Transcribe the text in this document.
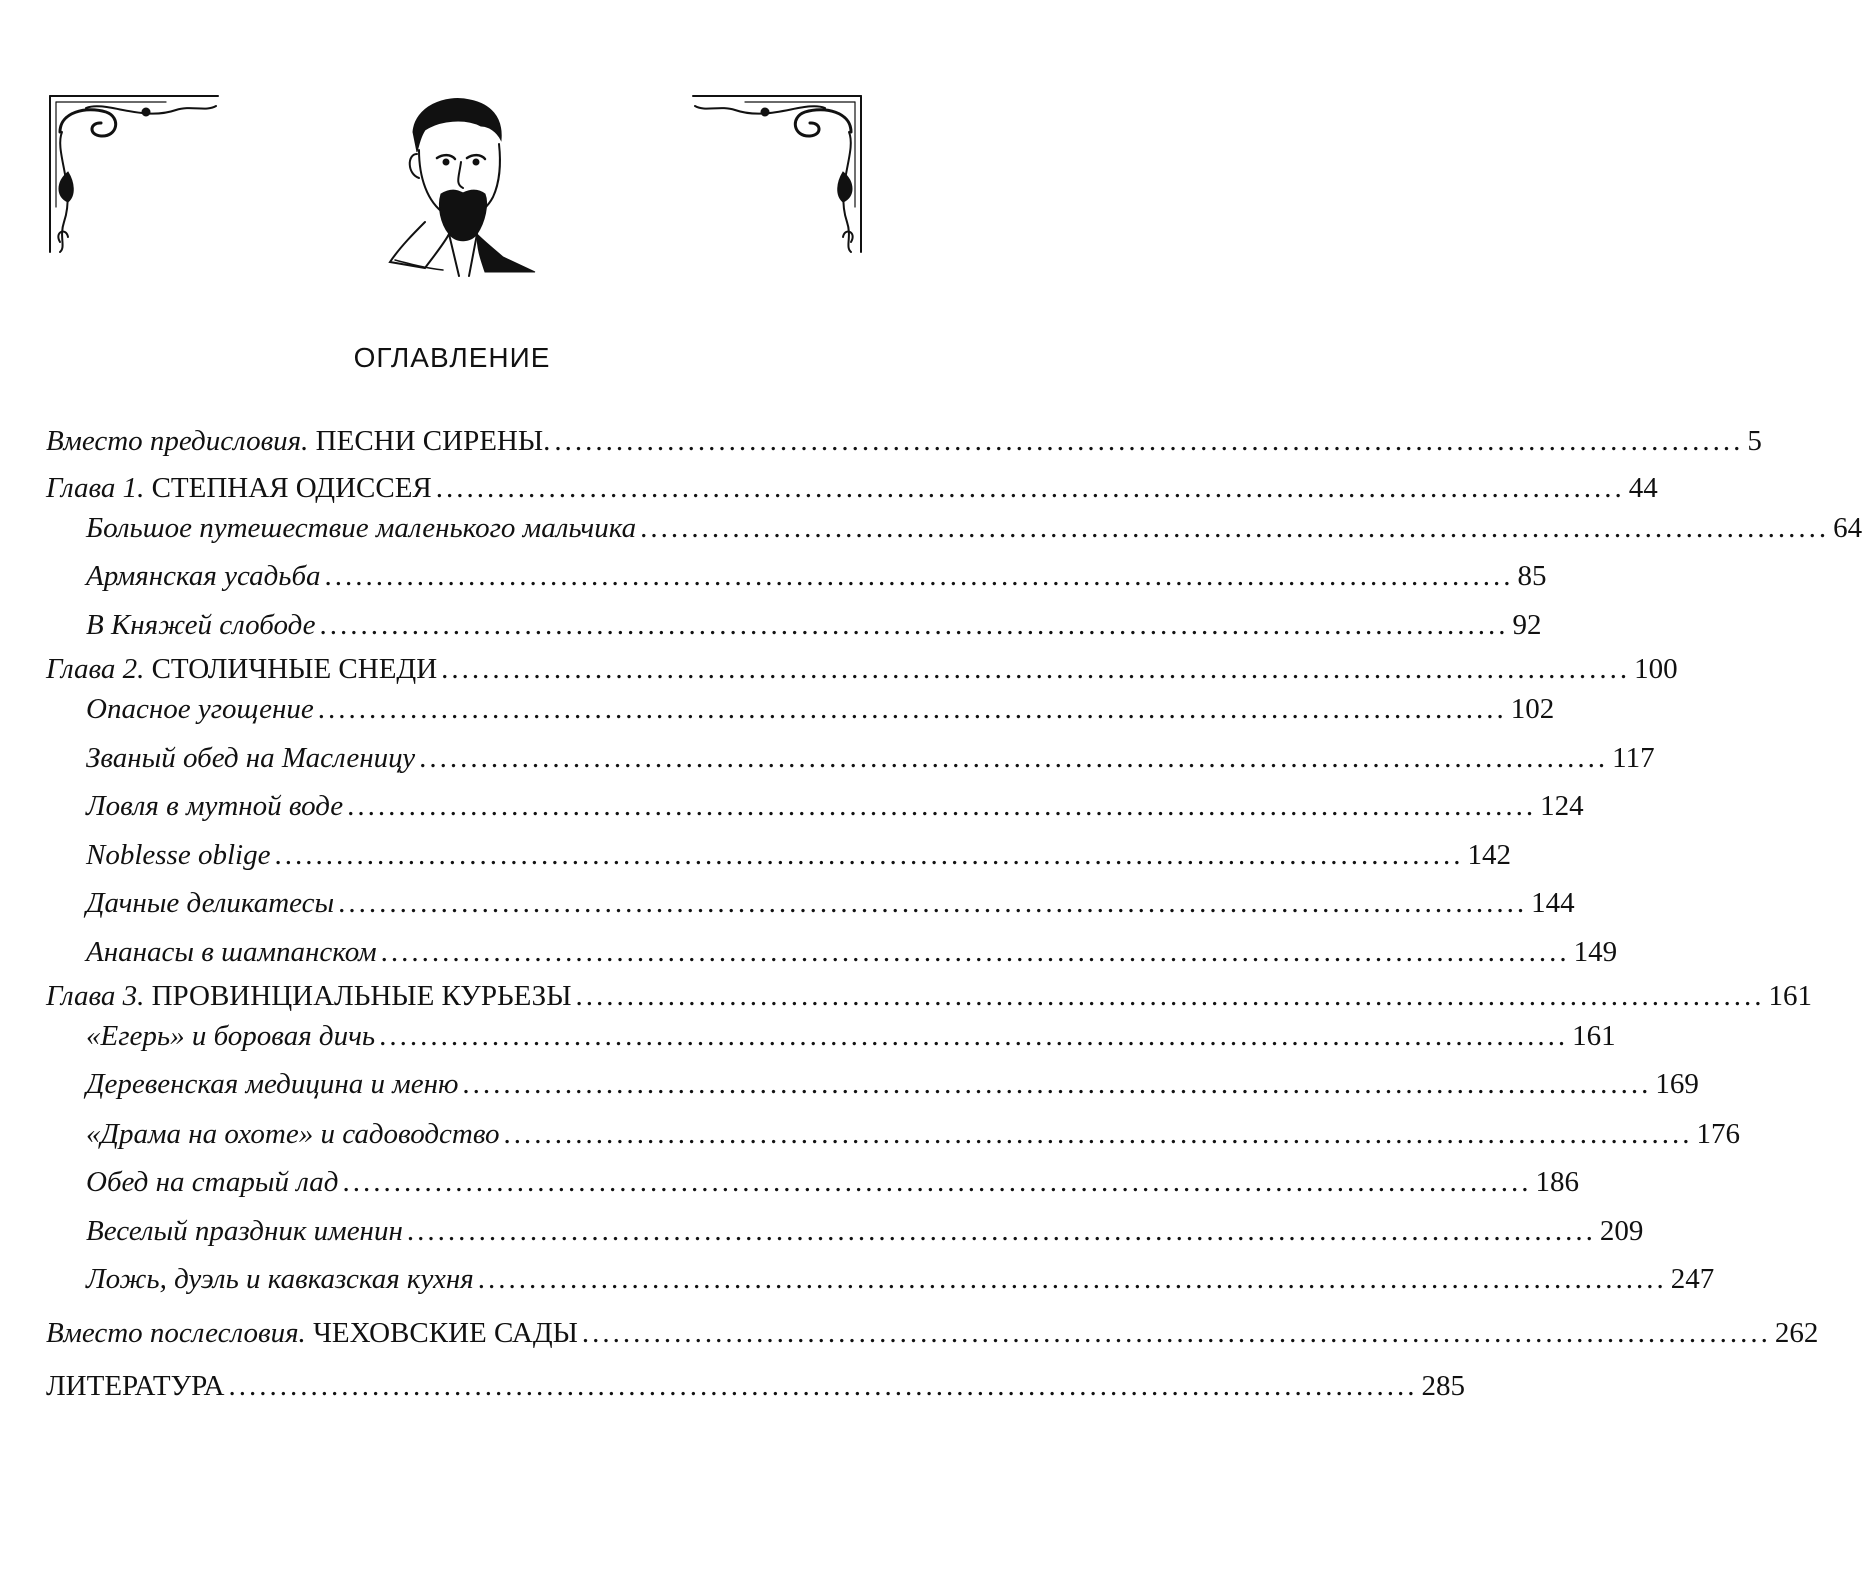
ОГЛАВЛЕНИЕ
Вместо предисловия. ПЕСНИ СИРЕНЫ. .................................................................................................................... 5
Глава 1. СТЕПНАЯ ОДИССЕЯ .................................................................................................................... 44
Большое путешествие маленького мальчика .................................................................................................................... 64
Армянская усадьба .................................................................................................................... 85
В Княжей слободе .................................................................................................................... 92
Глава 2. СТОЛИЧНЫЕ СНЕДИ .................................................................................................................... 100
Опасное угощение .................................................................................................................... 102
Званый обед на Масленицу .................................................................................................................... 117
Ловля в мутной воде .................................................................................................................... 124
Noblesse oblige .................................................................................................................... 142
Дачные деликатесы .................................................................................................................... 144
Ананасы в шампанском .................................................................................................................... 149
Глава 3. ПРОВИНЦИАЛЬНЫЕ КУРЬЕЗЫ .................................................................................................................... 161
«Егерь» и боровая дичь .................................................................................................................... 161
Деревенская медицина и меню .................................................................................................................... 169
«Драма на охоте» и садоводство .................................................................................................................... 176
Обед на старый лад .................................................................................................................... 186
Веселый праздник именин .................................................................................................................... 209
Ложь, дуэль и кавказская кухня .................................................................................................................... 247
Вместо послесловия. ЧЕХОВСКИЕ САДЫ .................................................................................................................... 262
ЛИТЕРАТУРА .................................................................................................................... 285
